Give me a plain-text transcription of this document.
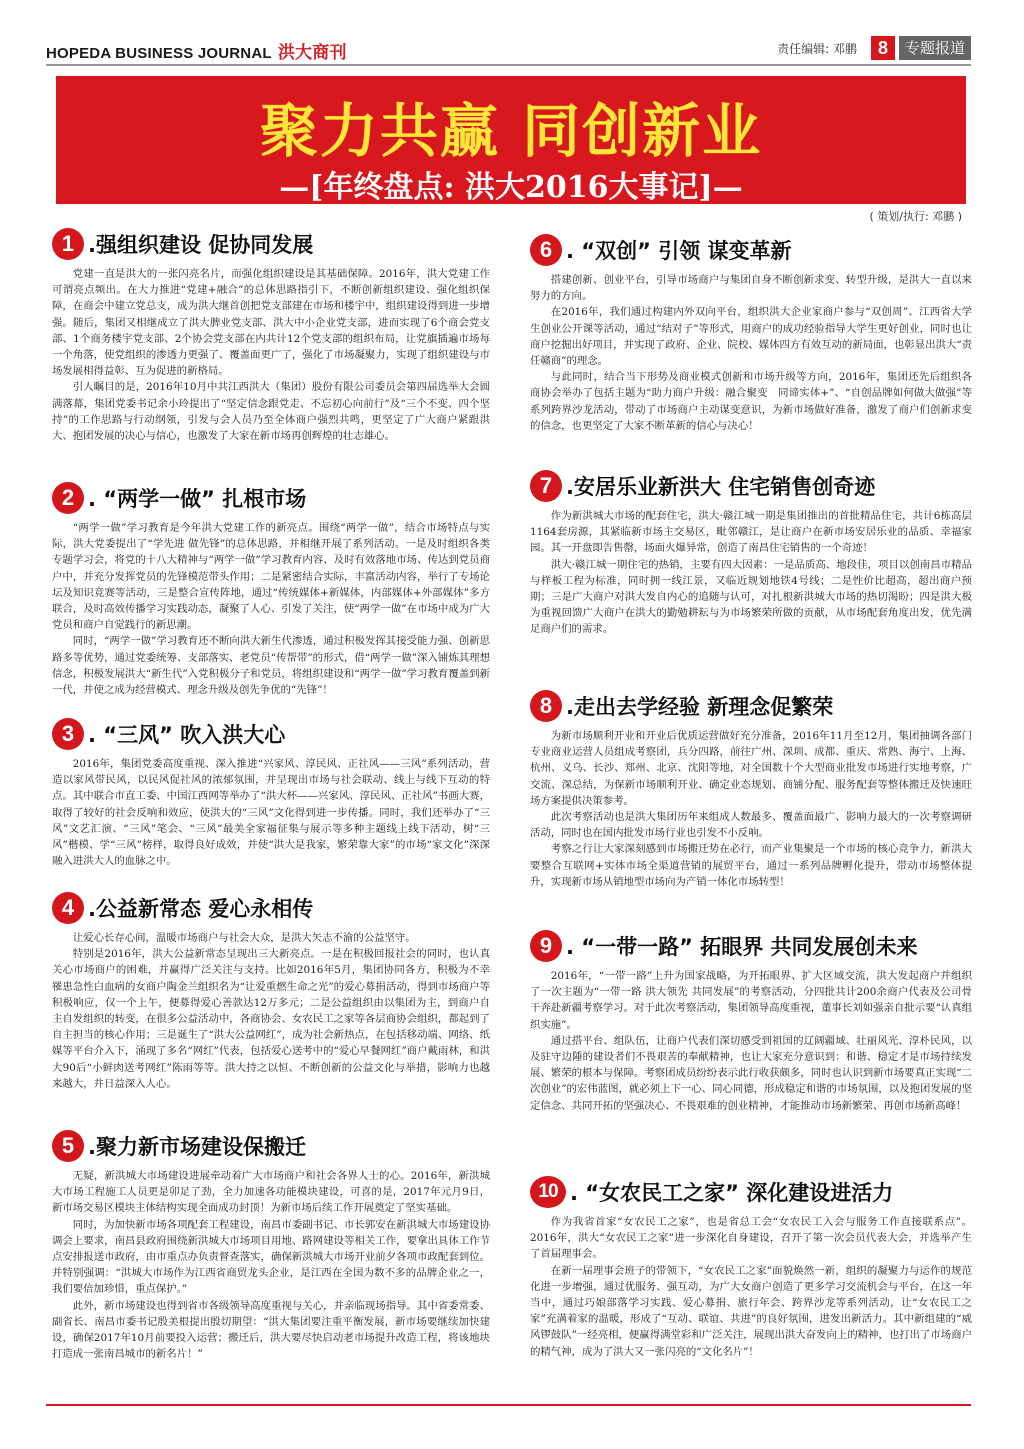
HOPEDA BUSINESS JOURNAL 洪大商刊	责任编辑: 邓鹏	8	专题报道
聚力共赢 同创新业
—[年终盘点: 洪大2016大事记]—
( 策划/执行: 邓鹏 )
1 .强组织建设 促协同发展

党建一直是洪大的一张闪亮名片，而强化组织建设是其基础保障。2016年，洪大党建工作可谓亮点频出。在大力推进“党建+融合”的总体思路指引下，不断创新组织建设、强化组织保障，在商会中建立党总支，成为洪大继首创把党支部建在市场和楼宇中，组织建设得到进一步增强。随后，集团又相继成立了洪大脾业党支部、洪大中小企业党支部，进而实现了6个商会党支部、1个商务楼宇党支部、2个协会党支部在内共计12个党支部的组织布局，让党旗插遍市场每一个角落，使党组织的渗透力更强了、覆盖面更广了，强化了市场凝聚力，实现了组织建设与市场发展相得益彰、互为促进的新格局。

引人瞩目的是，2016年10月中共江西洪大（集团）股份有限公司委员会第四届选举大会圆满落幕，集团党委书记余小玲提出了“坚定信念跟党走、不忘初心向前行”及“三个不变、四个坚持”的工作思路与行动纲领，引发与会人员乃至全体商户强烈共鸣，更坚定了广大商户紧跟洪大、抱团发展的决心与信心，也激发了大家在新市场再创辉煌的壮志雄心。

2 . “两学一做” 扎根市场

“两学一做”学习教育是今年洪大党建工作的新亮点。围绕“两学一做”，结合市场特点与实际，洪大党委提出了“学先进 做先锋”的总体思路，并相继开展了系列活动。一是及时组织各类专题学习会，将党的十八大精神与“两学一做”学习教育内容、及时有效落地市场、传达到党员商户中，并充分发挥党员的先锋模范带头作用；二是紧密结合实际，丰富活动内容，举行了专场论坛及知识竞赛等活动，三是整合宣传阵地，通过“传统媒体+新媒体，内部媒体+外部媒体”多方联合，及时高效传播学习实践动态，凝聚了人心、引发了关注，使“两学一做”在市场中成为广大党员和商户自觉践行的新思潮。

同时，“两学一做”学习教育还不断向洪大新生代渗透，通过积极发挥其接受能力强、创新思路多等优势，通过党委统筹、支部落实、老党员“传帮带”的形式，借“两学一做”深入铺炼其理想信念，积极发展洪大“新生代”入党积极分子和党员，将组织建设和“两学一做”学习教育覆盖到新一代，并使之成为经营模式、理念升级及创先争优的“先锋”！

3 . “三风” 吹入洪大心

2016年，集团党委高度重视、深入推进“兴家风、淳民风、正社风——三风”系列活动，营造以家风带民风，以民风促社风的浓郁氛围，并呈现出市场与社会联动、线上与线下互动的特点。其中联合市直工委、中国江西网等举办了“洪大杯——兴家风、淳民风、正社风”书画大赛，取得了较好的社会反响和效应，使洪大的“三风”文化得到进一步传播。同时，我们还举办了“三风”文艺汇演、“三风”笔会、“三风”最美全家福征集与展示等多种主题线上线下活动，树“三风”楷模、学“三风”榜样，取得良好成效，并使“洪大是我家，繁荣靠大家”的市场“家文化”深深融入进洪大人的血脉之中。

4 .公益新常态 爱心永相传

让爱心长存心间，温暖市场商户与社会大众，是洪大矢志不渝的公益坚守。

特别是2016年，洪大公益新常态呈现出三大新亮点。一是在积极回报社会的同时，也认真关心市场商户的困难，并赢得广泛关注与支持。比如2016年5月，集团协同各方，积极为不幸罹患急性白血病的女商户陶金兰组织名为“让爱重燃生命之光”的爱心募捐活动，得到市场商户等积极响应，仅一个上午，便募得爱心善款达12万多元；二是公益组织由以集团为主，到商户自主自发组织的转变，在很多公益活动中，各商协会、女农民工之家等各层商协会组织，都起到了自主担当的核心作用；三是诞生了“洪大公益网红”，成为社会新热点，在包括移动端、网络、纸媒等平台介入下，涌现了多名“网红”代表，包括爱心送考中的“爱心早餐网红”商户戴雨林，和洪大90后“小鲜肉送考网红”陈雨等等。洪大持之以恒、不断创新的公益文化与举措，影响力也越来越大，并日益深入人心。

5 .聚力新市场建设保搬迁

无疑，新洪城大市场建设进展牵动着广大市场商户和社会各界人士的心。2016年，新洪城大市场工程施工人员更是卯足了劲，全力加速各功能模块建设，可喜的是，2017年元月9日，新市场交易区模块主体结构实现全面成功封顶！为新市场后续工作开展奠定了坚实基础。

同时，为加快新市场各项配套工程建设，南昌市委副书记、市长郭安在新洪城大市场建设协调会上要求，南昌县政府围绕新洪城大市场项目用地、路网建设等相关工作，要拿出具体工作节点安排报送市政府，由市重点办负责督查落实，确保新洪城大市场开业前夕各项市政配套到位。并特别强调：“洪城大市场作为江西省商贸龙头企业，是江西在全国为数不多的品牌企业之一，我们要倍加珍惜，重点保护。”

此外，新市场建设也得到省市各级领导高度重视与关心，并亲临现场指导。其中省委常委、副省长、南昌市委书记殷美根提出殷切期望：“洪大集团要注重平衡发展，新市场要继续加快建设，确保2017年10月前要投入运营；搬迁后，洪大要尽快启动老市场提升改造工程，将该地块打造成一张南昌城市的新名片！”

6 . “双创” 引领 谋变革新

搭建创新、创业平台，引导市场商户与集团自身不断创新求变、转型升级，是洪大一直以来努力的方向。

在2016年，我们通过构建内外双向平台，组织洪大企业家商户参与“双创周”、江西省大学生创业公开课等活动，通过“结对子”等形式，用商户的成功经验指导大学生更好创业，同时也让商户挖掘出好项目，并实现了政府、企业、院校、媒体四方有效互动的新局面，也彰显出洪大“责任赣商”的理念。

与此同时，结合当下形势及商业模式创新和市场升级等方向，2016年，集团还先后组织各商协会举办了包括主题为“助力商户升级：融合聚变　同谛实体+”、“自创品牌如何做大做强”等系列跨界沙龙活动，带动了市场商户主动谋变意识，为新市场做好准备，激发了商户们创新求变的信念，也更坚定了大家不断革新的信心与决心！

7 .安居乐业新洪大 住宅销售创奇迹

作为新洪城大市场的配套住宅，洪大·赣江城一期是集团推出的首批精品住宅，共计6栋高层1164套房源，其紧临新市场主交易区，毗邻赣江，是让商户在新市场安居乐业的品质、幸福家园。其一开盘即告售罄，场面火爆异常，创造了南昌住宅销售的一个奇迹！

洪大·赣江城一期住宅的热销，主要有四大因素：一是品质高、地段佳，项目以创南昌市精品与样板工程为标准，同时拥一线江景，又临近规划地铁4号线；二是性价比超高，超出商户预期；三是广大商户对洪大发自内心的追随与认可，对扎根新洪城大市场的热切渴盼；四是洪大极为重视回馈广大商户在洪大的勤勉耕耘与为市场繁荣所做的贡献，从市场配套角度出发，优先满足商户们的需求。

8 .走出去学经验 新理念促繁荣

为新市场顺利开业和开业后优质运营做好充分准备，2016年11月至12月，集团抽调各部门专业商业运营人员组成考察团，兵分四路，前往广州、深圳、成都、重庆、常熟、海宁、上海、杭州、义乌、长沙、郑州、北京、沈阳等地，对全国数十个大型商业批发市场进行实地考察，广交流、深总结，为保新市场顺利开业、确定业态规划、商铺分配、服务配套等整体搬迁及快速旺场方案提供决策参考。

此次考察活动也是洪大集团历年来组成人数最多、覆盖面最广、影响力最大的一次考察调研活动，同时也在国内批发市场行业也引发不小反响。

考察之行让大家深刻感到市场搬迁势在必行，而产业集聚是一个市场的核心竞争力，新洪大要整合互联网+实体市场全渠道营销的展贸平台，通过一系列品牌孵化提升，带动市场整体提升，实现新市场从销地型市场向为产销一体化市场转型！

9 . “一带一路” 拓眼界 共同发展创未来

2016年，“一带一路”上升为国家战略，为开拓眼界、扩大区域交流，洪大发起商户并组织了一次主题为“一带一路 洪大领先 共同发展”的考察活动，分四批共计200余商户代表及公司骨干奔赴新疆考察学习。对于此次考察活动，集团领导高度重视，董事长刘如强亲自批示要“认真组织实施”。

通过搭平台、组队伍，让商户代表们深切感受到祖国的辽阔疆域、壮丽风光、淳朴民风，以及驻守边陲的建设者们不畏艰苦的奉献精神，也让大家充分意识到：和谐、稳定才是市场持续发展、繁荣的根本与保障。考察团成员纷纷表示此行收获颇多，同时也认识到新市场要真正实现“二次创业”的宏伟蓝图，就必须上下一心、同心同德，形成稳定和谐的市场氛围，以及抱团发展的坚定信念、共同开拓的坚强决心、不畏艰难的创业精神，才能推动市场新繁荣、再创市场新高峰！

10 . “女农民工之家” 深化建设进活力

作为我省首家“女农民工之家”，也是省总工会“女农民工入会与服务工作直接联系点”。2016年，洪大“女农民工之家”进一步深化自身建设，召开了第一次会员代表大会，并选举产生了首届理事会。

在新一届理事会班子的带领下，“女农民工之家”面貌焕然一新，组织的凝聚力与运作的规范化进一步增强，通过优服务、强互动，为广大女商户创造了更多学习交流机会与平台，在这一年当中，通过巧娘部落学习实践、爱心募捐、旅行年会、跨界沙龙等系列活动，让“女农民工之家”充满着家的温暖，形成了“互动、联谊、共进”的良好氛围，进发出新活力。其中新组建的“威风锣鼓队”一经亮相，便赢得满堂彩和广泛关注，展现出洪大奋发向上的精神，也打出了市场商户的精气神，成为了洪大又一张闪亮的“文化名片”！
